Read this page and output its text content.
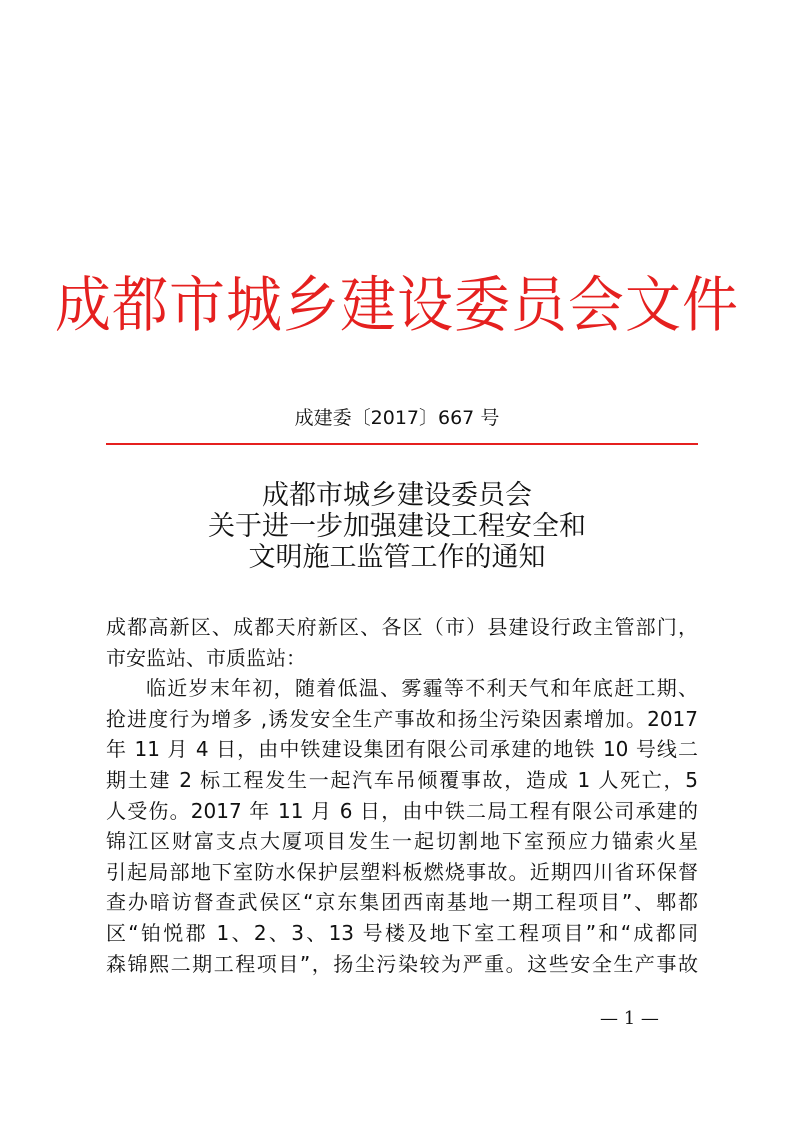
成都市城乡建设委员会文件
成建委〔2017〕667 号
成都市城乡建设委员会
关于进一步加强建设工程安全和
文明施工监管工作的通知
成都高新区、成都天府新区、各区（市）县建设行政主管部门，
市安监站、市质监站：
临近岁末年初，随着低温、雾霾等不利天气和年底赶工期、
抢进度行为增多 ,诱发安全生产事故和扬尘污染因素增加。2017
年 11 月 4 日，由中铁建设集团有限公司承建的地铁 10 号线二
期土建 2 标工程发生一起汽车吊倾覆事故，造成 1 人死亡，5
人受伤。2017 年 11 月 6 日，由中铁二局工程有限公司承建的
锦江区财富支点大厦项目发生一起切割地下室预应力锚索火星
引起局部地下室防水保护层塑料板燃烧事故。近期四川省环保督
查办暗访督查武侯区“京东集团西南基地一期工程项目”、郫都
区“铂悦郡 1、2、3、13 号楼及地下室工程项目”和“成都同
森锦熙二期工程项目”，扬尘污染较为严重。这些安全生产事故
— 1 —
